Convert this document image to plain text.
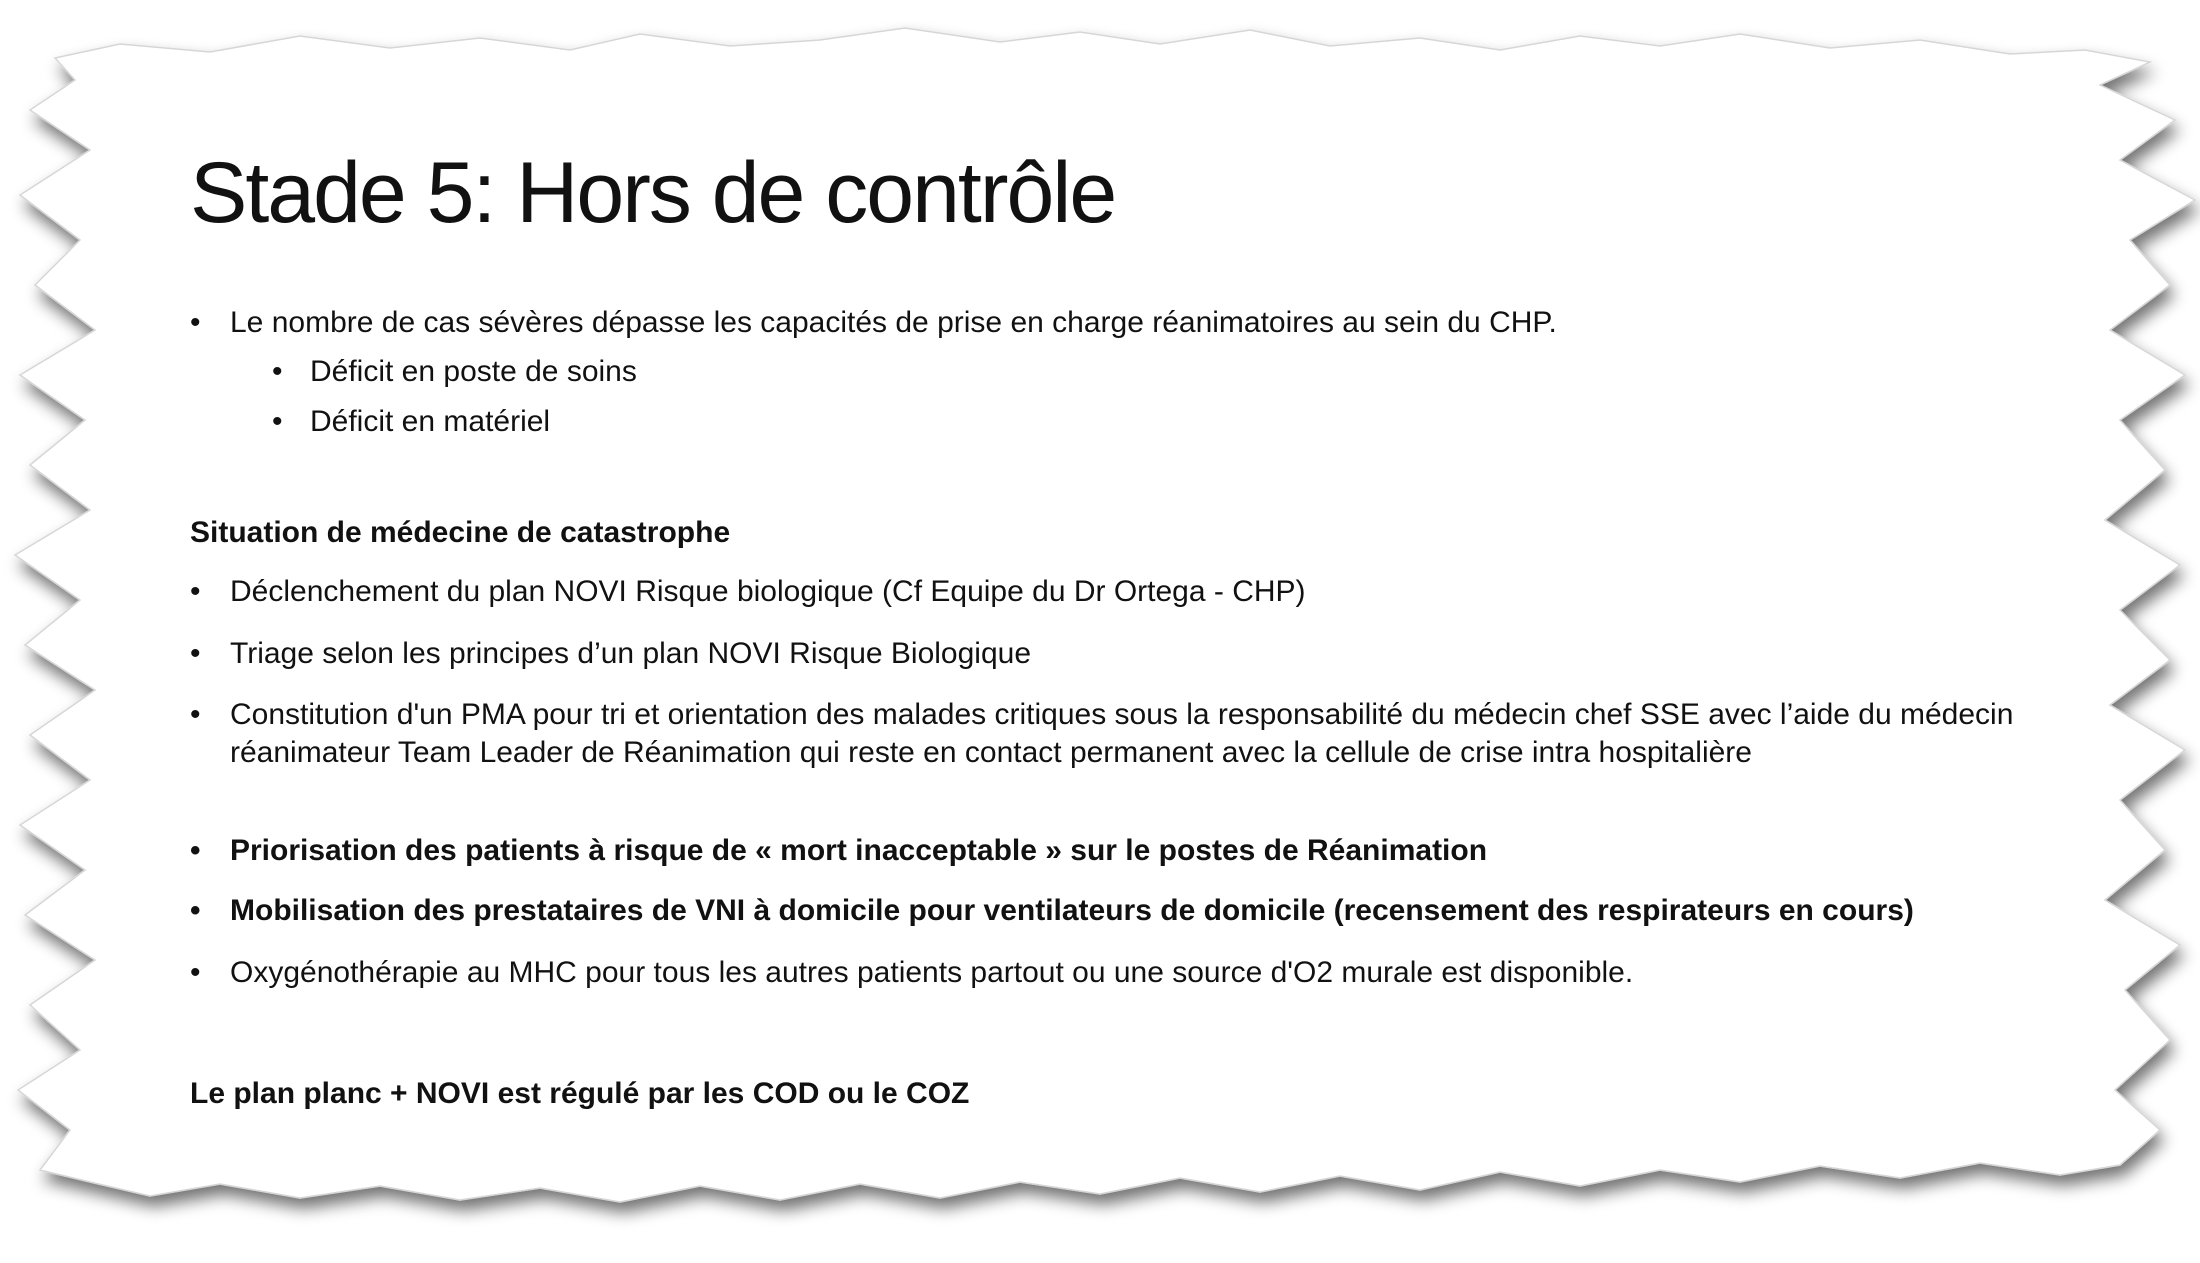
Stade 5: Hors de contrôle
• Le nombre de cas sévères dépasse les capacités de prise en charge réanimatoires au sein du CHP.
• Déficit en poste de soins
• Déficit en matériel
Situation de médecine de catastrophe
• Déclenchement du plan NOVI Risque biologique (Cf Equipe du Dr Ortega - CHP)
• Triage selon les principes d’un plan NOVI Risque Biologique
• Constitution d'un PMA pour tri et orientation des malades critiques sous la responsabilité du médecin chef SSE avec l’aide du médecin réanimateur Team Leader de Réanimation qui reste en contact permanent avec la cellule de crise intra hospitalière
• Priorisation des patients à risque de « mort inacceptable » sur le postes de Réanimation
• Mobilisation des prestataires de VNI à domicile pour ventilateurs de domicile (recensement des respirateurs en cours)
• Oxygénothérapie au MHC pour tous les autres patients partout ou une source d'O2 murale est disponible.
Le plan planc + NOVI est régulé par les COD ou le COZ
